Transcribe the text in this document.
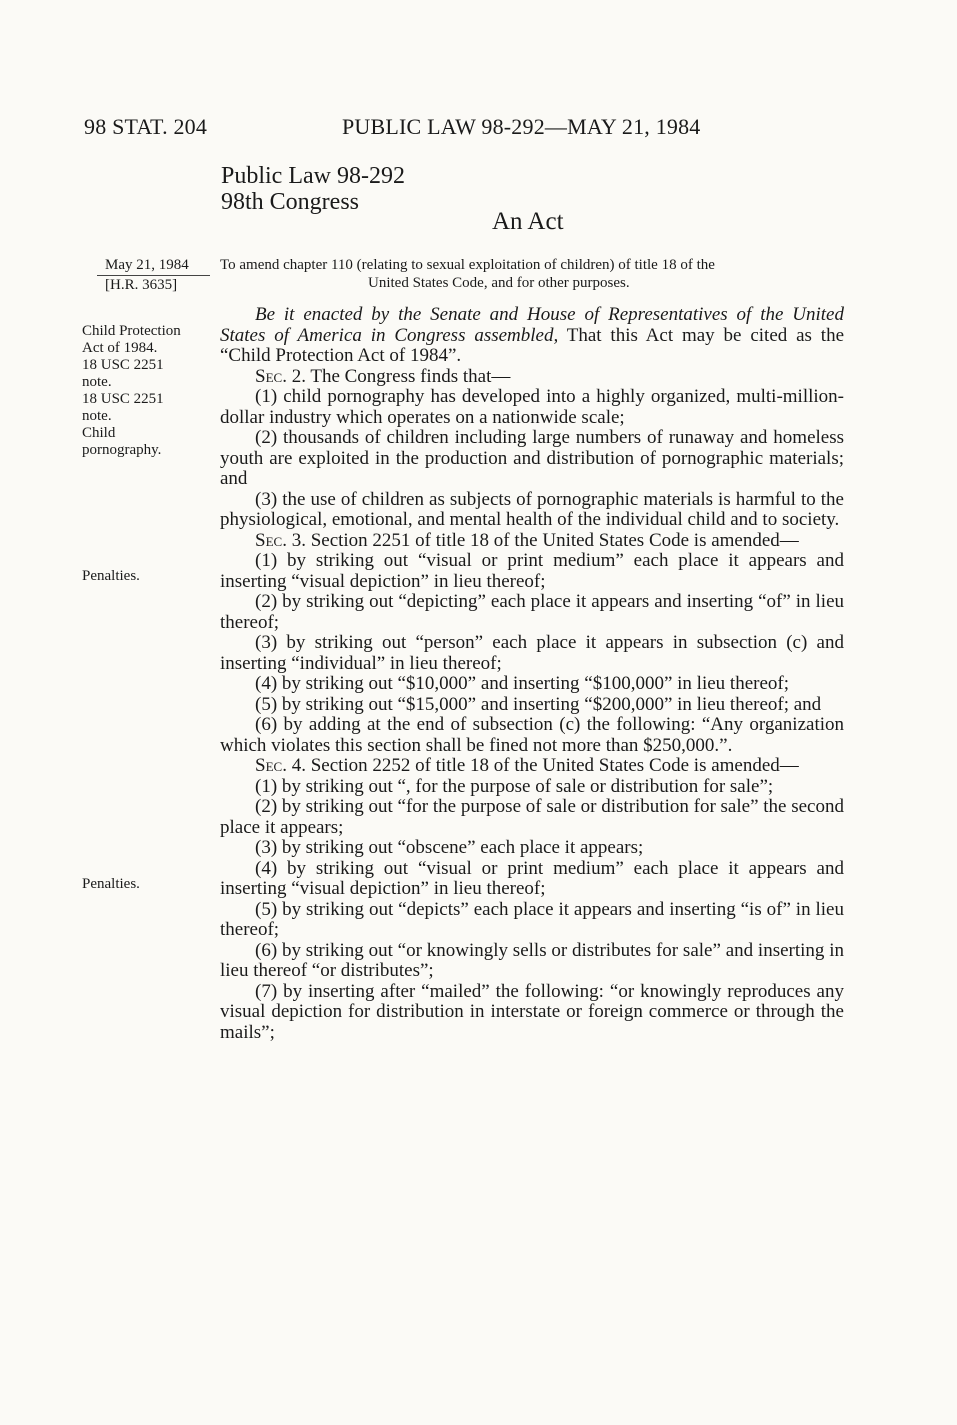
98 STAT. 204	PUBLIC LAW 98-292—MAY 21, 1984
Public Law 98-292
98th Congress
An Act
May 21, 1984
[H.R. 3635]
To amend chapter 110 (relating to sexual exploitation of children) of title 18 of the
United States Code, and for other purposes.
Child Protection
Act of 1984.
18 USC 2251
note.
18 USC 2251
note.
Child
pornography.
Penalties.
Penalties.

Be it enacted by the Senate and House of Representatives of the United States of America in Congress assembled, That this Act may be cited as the “Child Protection Act of 1984”.

Sec. 2. The Congress finds that—

(1) child pornography has developed into a highly organized, multi-million-dollar industry which operates on a nationwide scale;

(2) thousands of children including large numbers of runaway and homeless youth are exploited in the production and distribution of pornographic materials; and

(3) the use of children as subjects of pornographic materials is harmful to the physiological, emotional, and mental health of the individual child and to society.

Sec. 3. Section 2251 of title 18 of the United States Code is amended—

(1) by striking out “visual or print medium” each place it appears and inserting “visual depiction” in lieu thereof;

(2) by striking out “depicting” each place it appears and inserting “of” in lieu thereof;

(3) by striking out “person” each place it appears in subsection (c) and inserting “individual” in lieu thereof;

(4) by striking out “$10,000” and inserting “$100,000” in lieu thereof;

(5) by striking out “$15,000” and inserting “$200,000” in lieu thereof; and

(6) by adding at the end of subsection (c) the following: “Any organization which violates this section shall be fined not more than $250,000.”.

Sec. 4. Section 2252 of title 18 of the United States Code is amended—

(1) by striking out “, for the purpose of sale or distribution for sale”;

(2) by striking out “for the purpose of sale or distribution for sale” the second place it appears;

(3) by striking out “obscene” each place it appears;

(4) by striking out “visual or print medium” each place it appears and inserting “visual depiction” in lieu thereof;

(5) by striking out “depicts” each place it appears and inserting “is of” in lieu thereof;

(6) by striking out “or knowingly sells or distributes for sale” and inserting in lieu thereof “or distributes”;

(7) by inserting after “mailed” the following: “or knowingly reproduces any visual depiction for distribution in interstate or foreign commerce or through the mails”;
